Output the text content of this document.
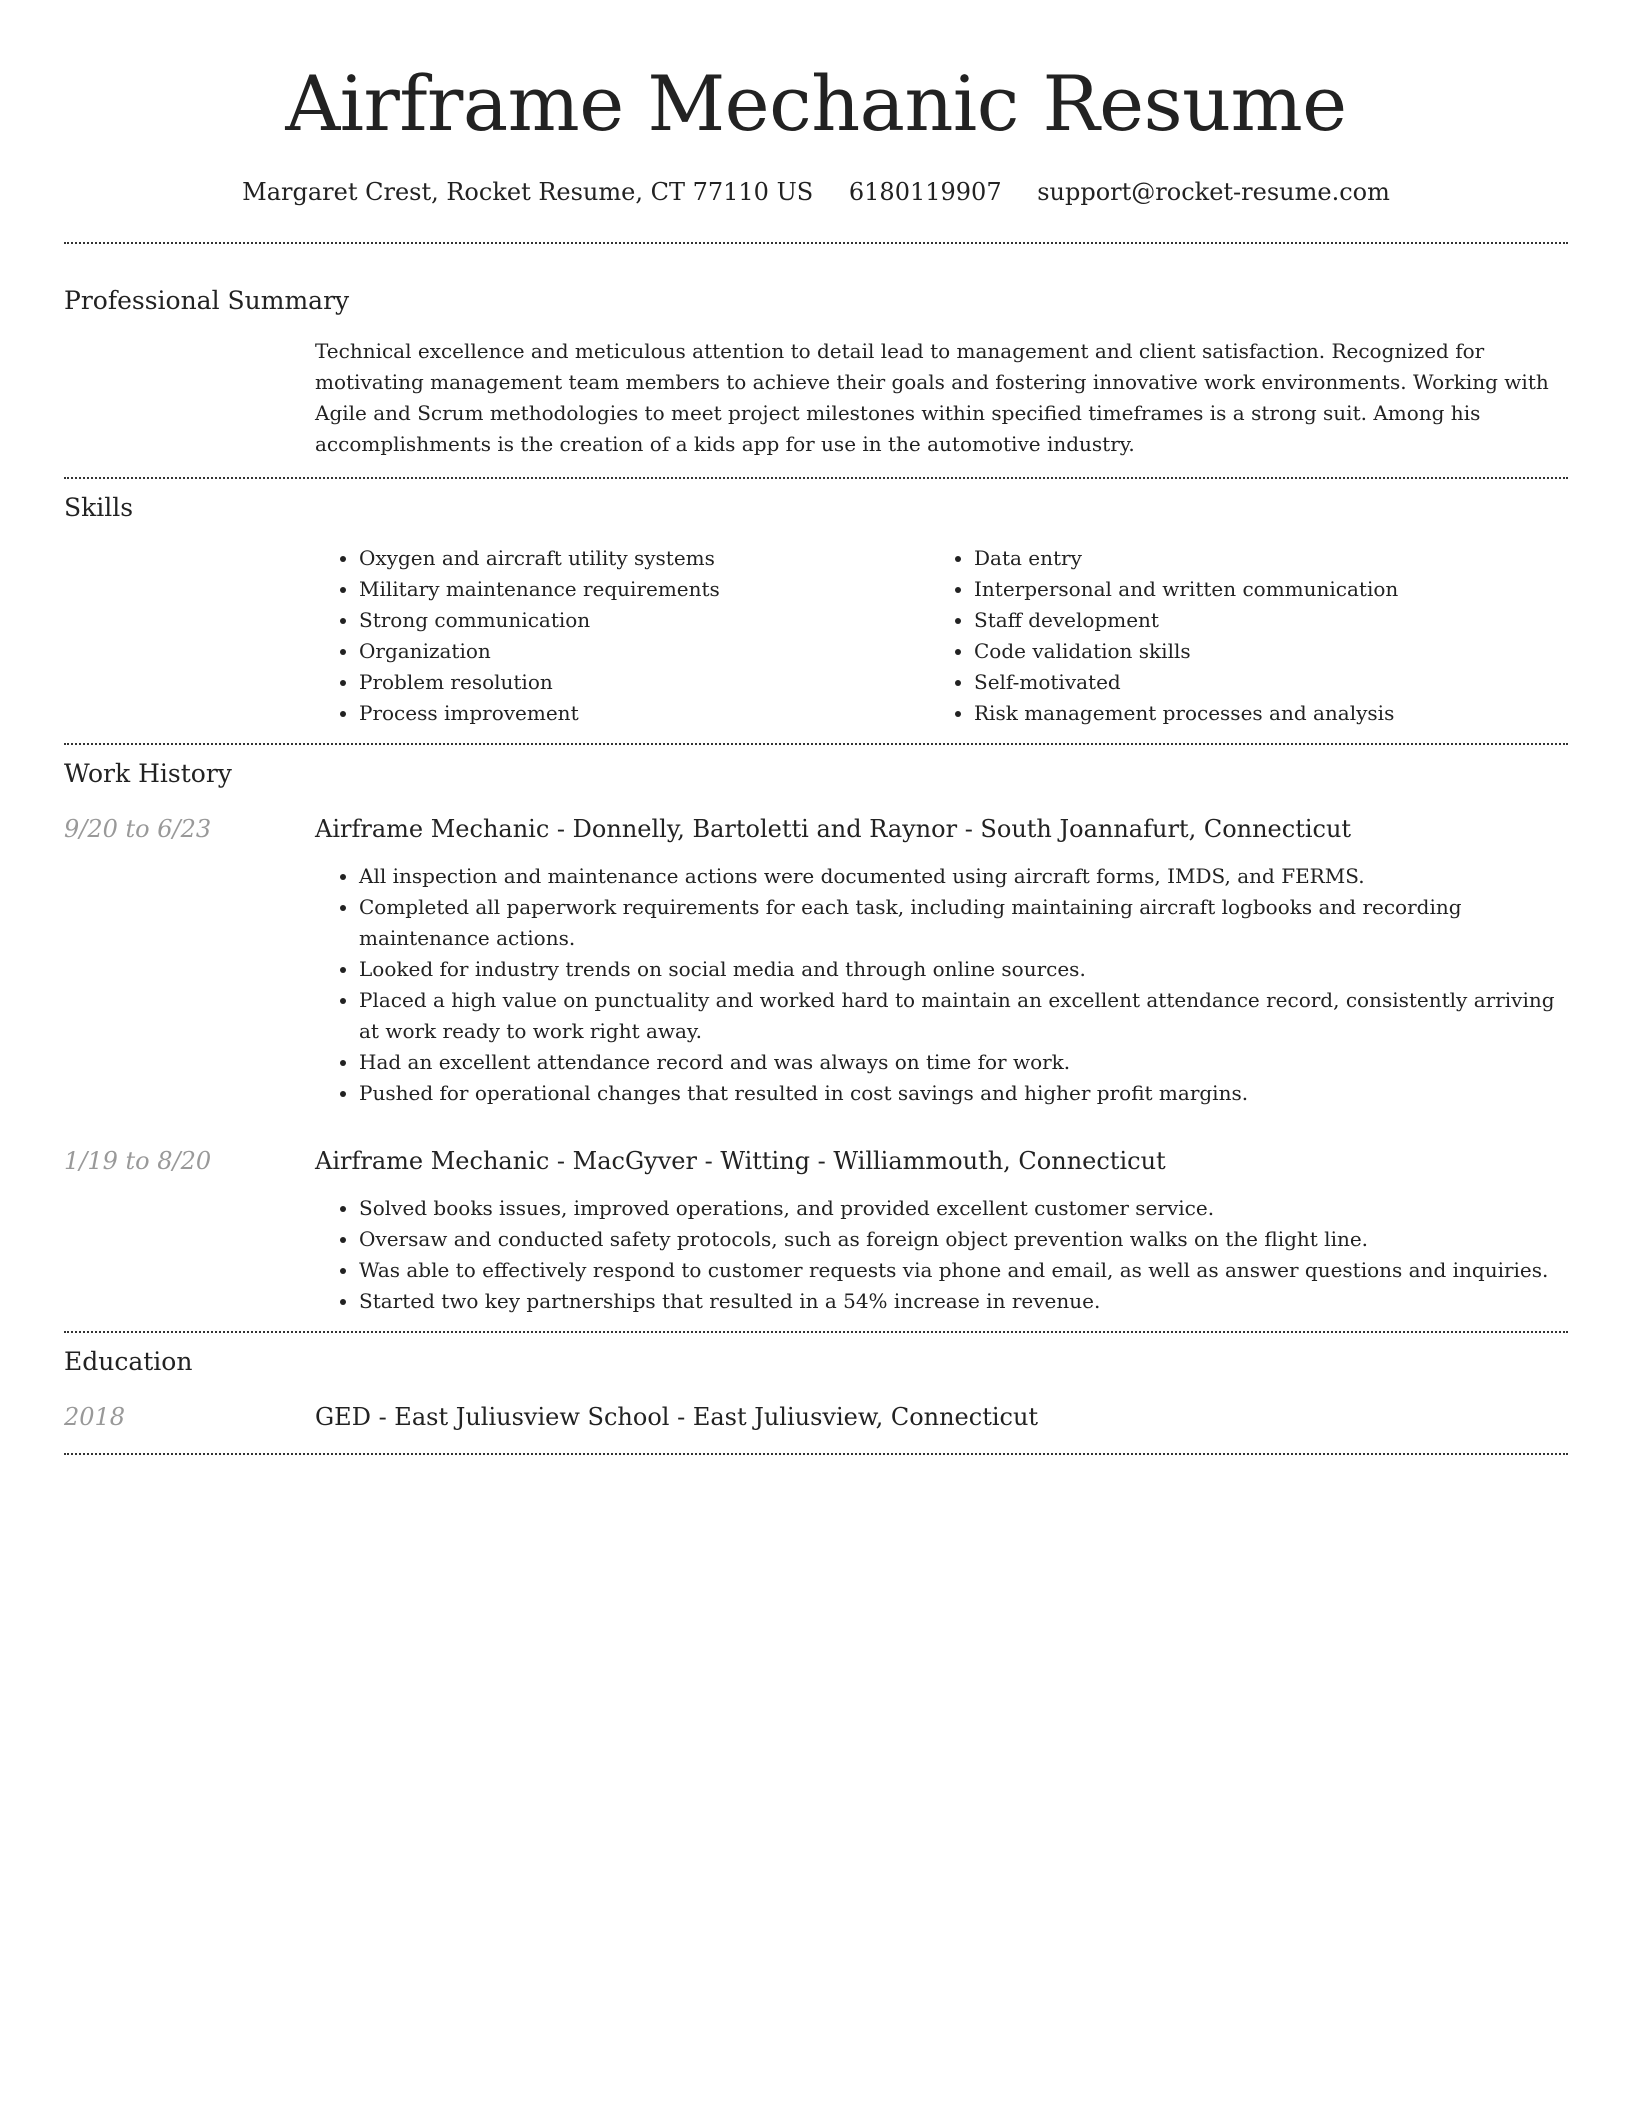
Airframe Mechanic Resume
Margaret Crest, Rocket Resume, CT 77110 US 6180119907 support@rocket-resume.com
Professional Summary

Technical excellence and meticulous attention to detail lead to management and client satisfaction. Recognized for motivating management team members to achieve their goals and fostering innovative work environments. Working with Agile and Scrum methodologies to meet project milestones within specified timeframes is a strong suit. Among his accomplishments is the creation of a kids app for use in the automotive industry.

Skills
• Oxygen and aircraft utility systems
• Military maintenance requirements
• Strong communication
• Organization
• Problem resolution
• Process improvement
• Data entry
• Interpersonal and written communication
• Staff development
• Code validation skills
• Self-motivated
• Risk management processes and analysis
Work History
9/20 to 6/23	Airframe Mechanic - Donnelly, Bartoletti and Raynor - South Joannafurt, Connecticut
• All inspection and maintenance actions were documented using aircraft forms, IMDS, and FERMS.
• Completed all paperwork requirements for each task, including maintaining aircraft logbooks and recording maintenance actions.
• Looked for industry trends on social media and through online sources.
• Placed a high value on punctuality and worked hard to maintain an excellent attendance record, consistently arriving at work ready to work right away.
• Had an excellent attendance record and was always on time for work.
• Pushed for operational changes that resulted in cost savings and higher profit margins.
1/19 to 8/20	Airframe Mechanic - MacGyver - Witting - Williammouth, Connecticut
• Solved books issues, improved operations, and provided excellent customer service.
• Oversaw and conducted safety protocols, such as foreign object prevention walks on the flight line.
• Was able to effectively respond to customer requests via phone and email, as well as answer questions and inquiries.
• Started two key partnerships that resulted in a 54% increase in revenue.
Education
2018	GED - East Juliusview School - East Juliusview, Connecticut
